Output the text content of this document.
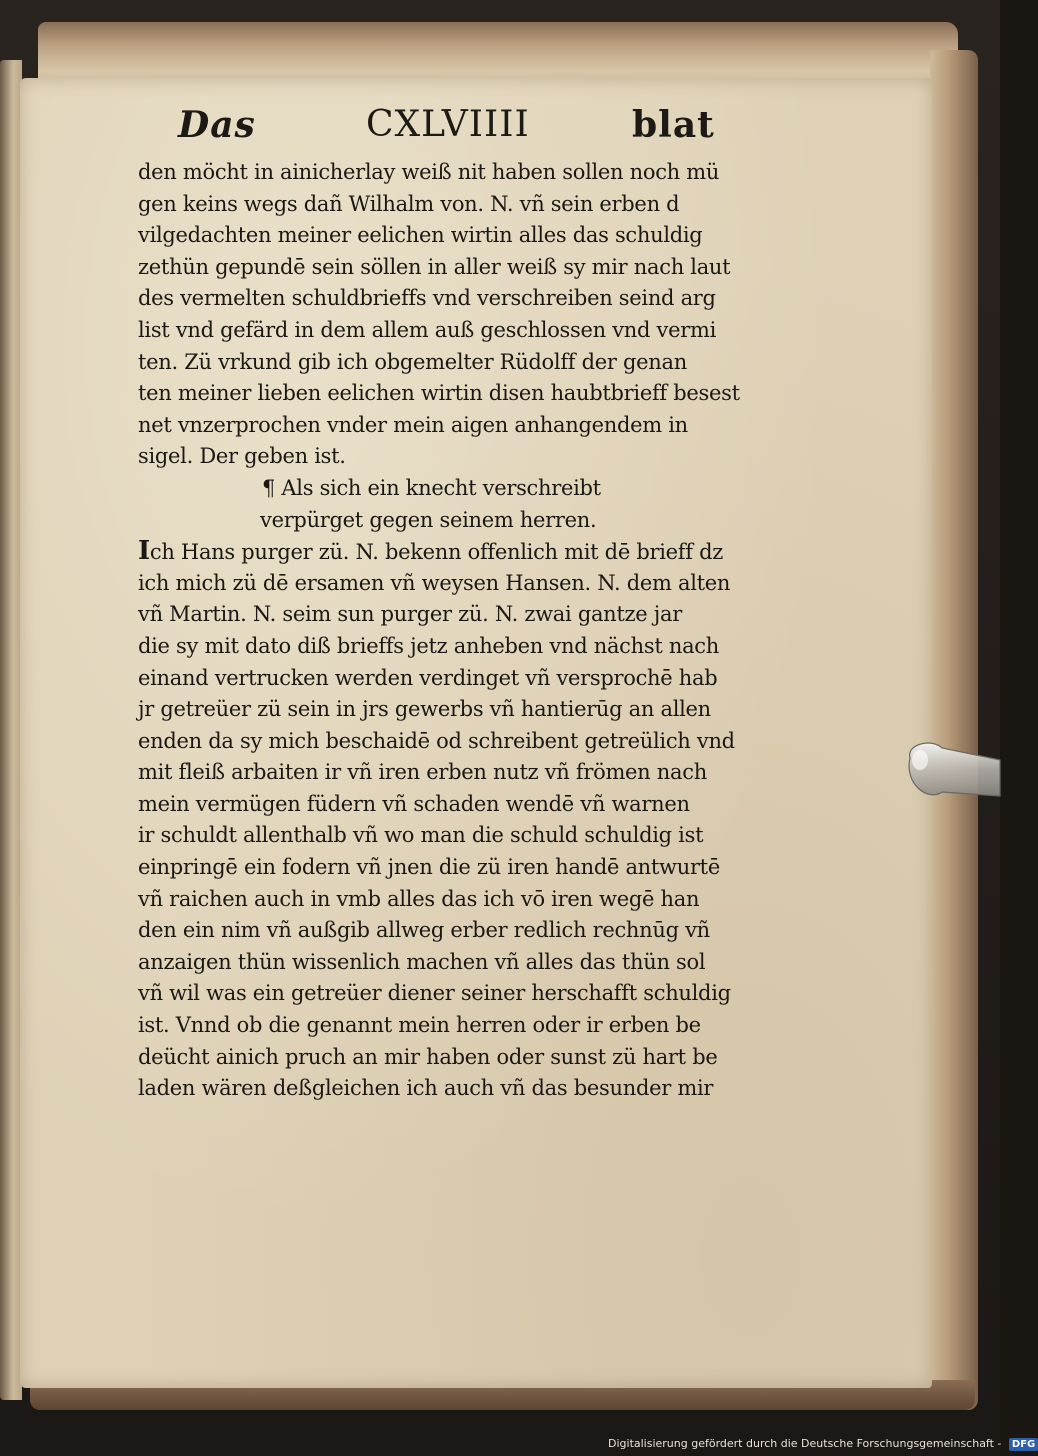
Das	CXLVIIII	blat
den möcht in ainicherlay weiß nit haben sollen noch mü
gen keins wegs dañ Wilhalm von. N. vñ sein erben d
vilgedachten meiner eelichen wirtin alles das schuldig
zethün gepundē sein söllen in aller weiß sy mir nach laut
des vermelten schuldbrieffs vnd verschreiben seind arg
list vnd gefärd in dem allem auß geschlossen vnd vermi
ten. Zü vrkund gib ich obgemelter Rüdolff der genan
ten meiner lieben eelichen wirtin disen haubtbrieff besest
net vnzerprochen vnder mein aigen anhangendem in
sigel. Der geben ist.
¶ Als sich ein knecht verschreibt
verpürget gegen seinem herren.
Ich Hans purger zü. N. bekenn offenlich mit dē brieff dz
ich mich zü dē ersamen vñ weysen Hansen. N. dem alten
vñ Martin. N. seim sun purger zü. N. zwai gantze jar
die sy mit dato diß brieffs jetz anheben vnd nächst nach
einand vertrucken werden verdinget vñ versprochē hab
jr getreüer zü sein in jrs gewerbs vñ hantierūg an allen
enden da sy mich beschaidē od schreibent getreülich vnd
mit fleiß arbaiten ir vñ iren erben nutz vñ frömen nach
mein vermügen füdern vñ schaden wendē vñ warnen
ir schuldt allenthalb vñ wo man die schuld schuldig ist
einpringē ein fodern vñ jnen die zü iren handē antwurtē
vñ raichen auch in vmb alles das ich vō iren wegē han
den ein nim vñ außgib allweg erber redlich rechnūg vñ
anzaigen thün wissenlich machen vñ alles das thün sol
vñ wil was ein getreüer diener seiner herschafft schuldig
ist. Vnnd ob die genannt mein herren oder ir erben be
deücht ainich pruch an mir haben oder sunst zü hart be
laden wären deßgleichen ich auch vñ das besunder mir
Digitalisierung gefördert durch die Deutsche Forschungsgemeinschaft - DFG
